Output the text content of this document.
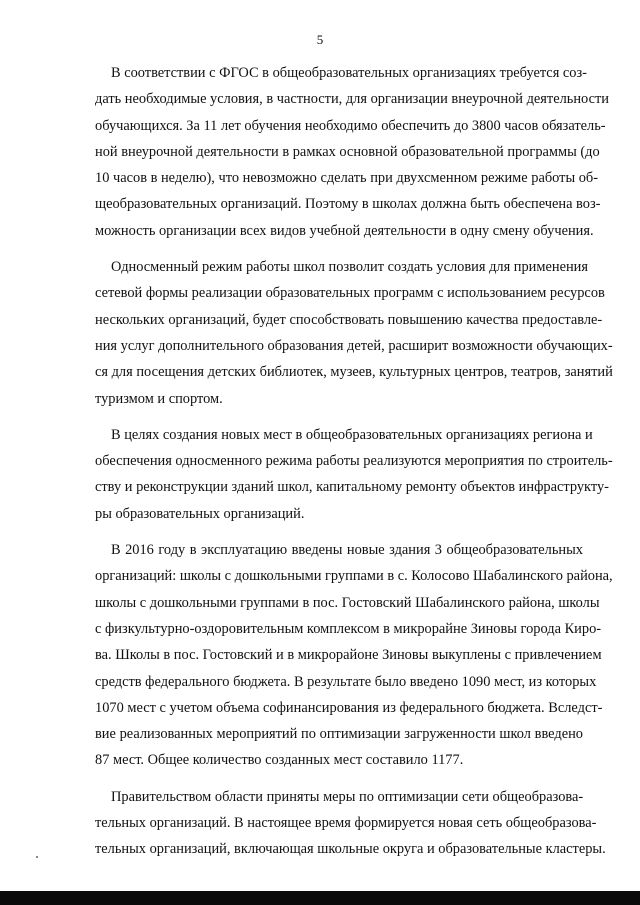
5
В соответствии с ФГОС в общеобразовательных организациях требуется соз-
дать необходимые условия, в частности, для организации внеурочной деятельности
обучающихся. За 11 лет обучения необходимо обеспечить до 3800 часов обязатель-
ной внеурочной деятельности в рамках основной образовательной программы (до
10 часов в неделю), что невозможно сделать при двухсменном режиме работы об-
щеобразовательных организаций. Поэтому в школах должна быть обеспечена воз-
можность организации всех видов учебной деятельности в одну смену обучения.
Односменный режим работы школ позволит создать условия для применения
сетевой формы реализации образовательных программ с использованием ресурсов
нескольких организаций, будет способствовать повышению качества предоставле-
ния услуг дополнительного образования детей, расширит возможности обучающих-
ся для посещения детских библиотек, музеев, культурных центров, театров, занятий
туризмом и спортом.
В целях создания новых мест в общеобразовательных организациях региона и
обеспечения односменного режима работы реализуются мероприятия по строитель-
ству и реконструкции зданий школ, капитальному ремонту объектов инфраструкту-
ры образовательных организаций.
В 2016 году в эксплуатацию введены новые здания 3 общеобразовательных
организаций: школы с дошкольными группами в с. Колосово Шабалинского района,
школы с дошкольными группами в пос. Гостовский Шабалинского района, школы
с физкультурно-оздоровительным комплексом в микрорайне Зиновы города Киро-
ва. Школы в пос. Гостовский и в микрорайоне Зиновы выкуплены с привлечением
средств федерального бюджета. В результате было введено 1090 мест, из которых
1070 мест с учетом объема софинансирования из федерального бюджета. Вследст-
вие реализованных мероприятий по оптимизации загруженности школ введено
87 мест. Общее количество созданных мест составило 1177.
Правительством области приняты меры по оптимизации сети общеобразова-
тельных организаций. В настоящее время формируется новая сеть общеобразова-
тельных организаций, включающая школьные округа и образовательные кластеры.
